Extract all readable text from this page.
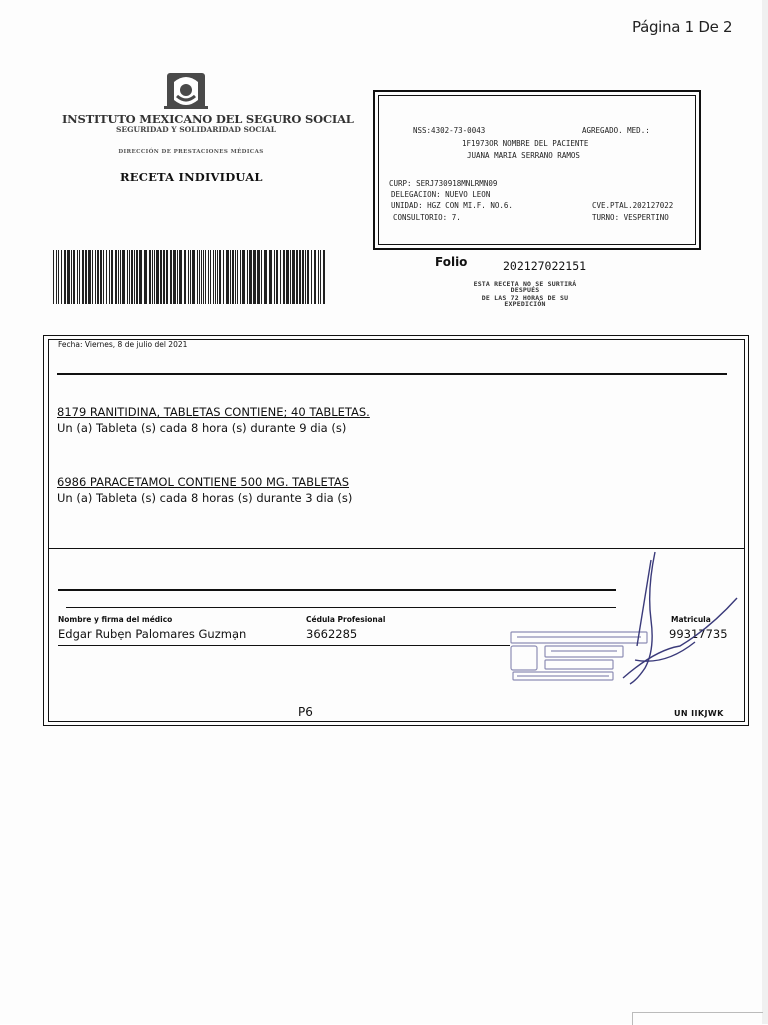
Página 1 De 2
INSTITUTO MEXICANO DEL SEGURO SOCIAL
SEGURIDAD Y SOLIDARIDAD SOCIAL
DIRECCIÓN DE PRESTACIONES MÉDICAS
RECETA INDIVIDUAL
NSS:4302-73-0043	AGREGADO. MED.:
1F1973OR NOMBRE DEL PACIENTE
JUANA MARIA SERRANO RAMOS
CURP: SERJ730918MNLRMN09
DELEGACION: NUEVO LEON
UNIDAD: HGZ CON MI.F. NO.6.	CVE.PTAL.202127022
CONSULTORIO: 7.	TURNO: VESPERTINO
Folio	202127022151
ESTA RECETA NO SE SURTIRÁ
DESPUÉS
DE LAS 72 HORAS DE SU
EXPEDICIÓN
Fecha: Viernes, 8 de julio del 2021
8179 RANITIDINA, TABLETAS CONTIENE; 40 TABLETAS.
Un (a) Tableta (s) cada 8 hora (s) durante 9 dia (s)
6986 PARACETAMOL CONTIENE 500 MG. TABLETAS
Un (a) Tableta (s) cada 8 horas (s) durante 3 dia (s)
Nombre y firma del médico	Cédula Profesional	Matricula
Edgar Rubẹn Palomares Guzmạn	3662285	99317735
P6	UN IIKJWK
